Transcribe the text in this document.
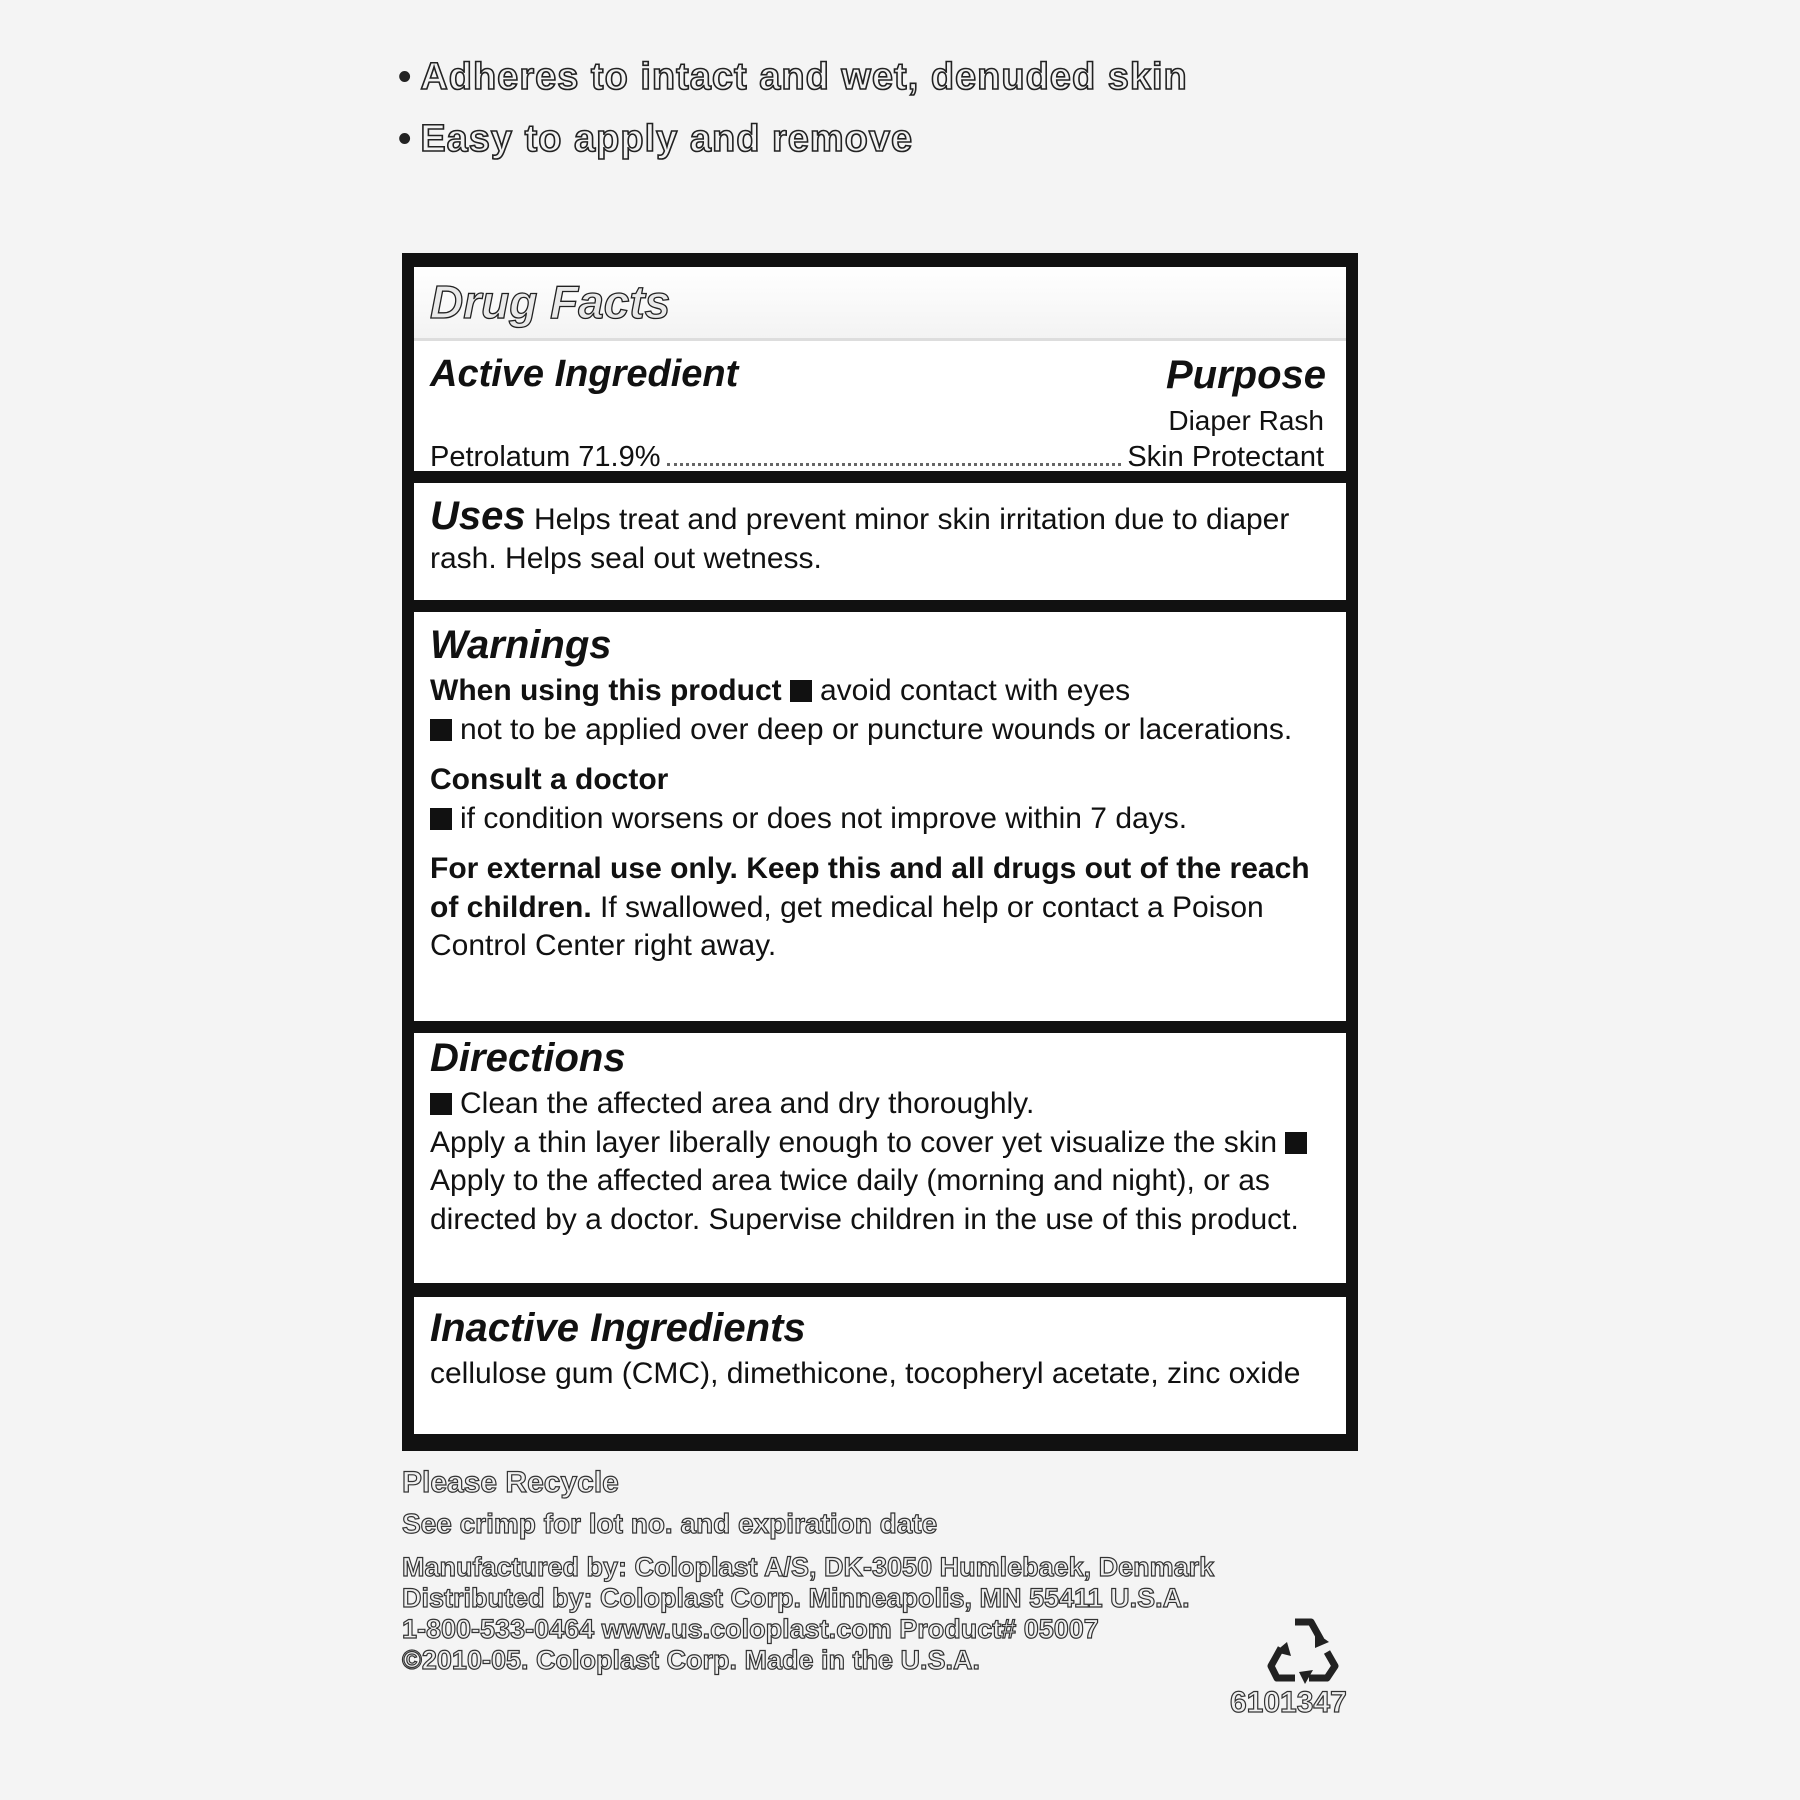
• Adheres to intact and wet, denuded skin
• Easy to apply and remove
Drug Facts
Active Ingredient	Purpose
Diaper Rash
Petrolatum 71.9%	Skin Protectant
Uses Helps treat and prevent minor skin irritation due to diaper rash. Helps seal out wetness.
Warnings
When using this product avoid contact with eyes
not to be applied over deep or puncture wounds or lacerations.
Consult a doctor
if condition worsens or does not improve within 7 days.
For external use only. Keep this and all drugs out of the reach of children. If swallowed, get medical help or contact a Poison Control Center right away.
Directions
Clean the affected area and dry thoroughly.
Apply a thin layer liberally enough to cover yet visualize the skin Apply to the affected area twice daily (morning and night), or as directed by a doctor. Supervise children in the use of this product.
Inactive Ingredients
cellulose gum (CMC), dimethicone, tocopheryl acetate, zinc oxide
Please Recycle
See crimp for lot no. and expiration date
Manufactured by: Coloplast A/S, DK-3050 Humlebaek, Denmark
Distributed by: Coloplast Corp. Minneapolis, MN 55411 U.S.A.
1-800-533-0464 www.us.coloplast.com Product# 05007
©2010-05. Coloplast Corp. Made in the U.S.A.
6101347
